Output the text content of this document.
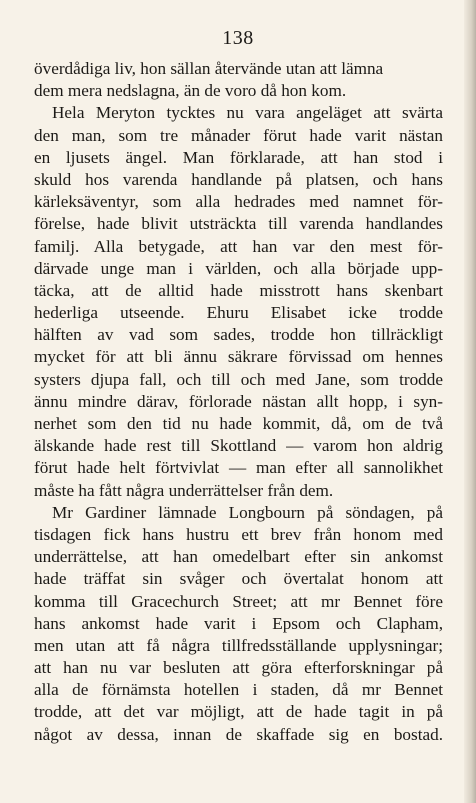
138
överdådiga liv, hon sällan återvände utan att lämna
dem mera nedslagna, än de voro då hon kom.
Hela Meryton tycktes nu vara angeläget att svärta
den man, som tre månader förut hade varit nästan
en ljusets ängel. Man förklarade, att han stod i
skuld hos varenda handlande på platsen, och hans
kärleksäventyr, som alla hedrades med namnet för-
förelse, hade blivit utsträckta till varenda handlandes
familj. Alla betygade, att han var den mest för-
därvade unge man i världen, och alla började upp-
täcka, att de alltid hade misstrott hans skenbart
hederliga utseende. Ehuru Elisabet icke trodde
hälften av vad som sades, trodde hon tillräckligt
mycket för att bli ännu säkrare förvissad om hennes
systers djupa fall, och till och med Jane, som trodde
ännu mindre därav, förlorade nästan allt hopp, i syn-
nerhet som den tid nu hade kommit, då, om de två
älskande hade rest till Skottland — varom hon aldrig
förut hade helt förtvivlat — man efter all sannolikhet
måste ha fått några underrättelser från dem.
Mr Gardiner lämnade Longbourn på söndagen, på
tisdagen fick hans hustru ett brev från honom med
underrättelse, att han omedelbart efter sin ankomst
hade träffat sin svåger och övertalat honom att
komma till Gracechurch Street; att mr Bennet före
hans ankomst hade varit i Epsom och Clapham,
men utan att få några tillfredsställande upplysningar;
att han nu var besluten att göra efterforskningar på
alla de förnämsta hotellen i staden, då mr Bennet
trodde, att det var möjligt, att de hade tagit in på
något av dessa, innan de skaffade sig en bostad.
